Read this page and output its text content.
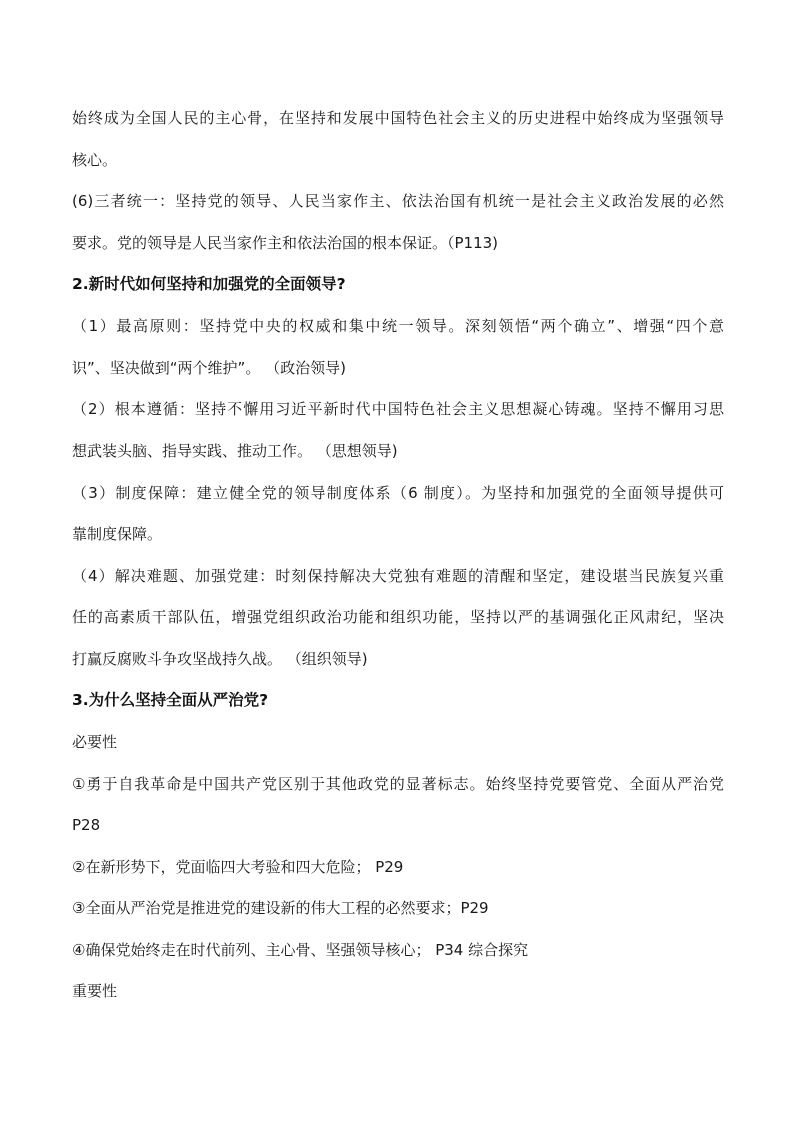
始终成为全国人民的主心骨，在坚持和发展中国特色社会主义的历史进程中始终成为坚强领导
核心。
(6)三者统一：坚持党的领导、人民当家作主、依法治国有机统一是社会主义政治发展的必然
要求。党的领导是人民当家作主和依法治国的根本保证。（P113)
2.新时代如何坚持和加强党的全面领导?
（1）最高原则：坚持党中央的权威和集中统一领导。深刻领悟“两个确立”、增强“四个意
识”、坚决做到“两个维护”。 （政治领导)
（2）根本遵循：坚持不懈用习近平新时代中国特色社会主义思想凝心铸魂。坚持不懈用习思
想武装头脑、指导实践、推动工作。 （思想领导)
（3）制度保障：建立健全党的领导制度体系（6 制度）。为坚持和加强党的全面领导提供可
靠制度保障。
（4）解决难题、加强党建：时刻保持解决大党独有难题的清醒和坚定，建设堪当民族复兴重
任的高素质干部队伍，增强党组织政治功能和组织功能，坚持以严的基调强化正风肃纪，坚决
打赢反腐败斗争攻坚战持久战。 （组织领导)
3.为什么坚持全面从严治党?
必要性
①勇于自我革命是中国共产党区别于其他政党的显著标志。始终坚持党要管党、全面从严治党
P28
②在新形势下，党面临四大考验和四大危险； P29
③全面从严治党是推进党的建设新的伟大工程的必然要求；P29
④确保党始终走在时代前列、主心骨、坚强领导核心； P34 综合探究
重要性
